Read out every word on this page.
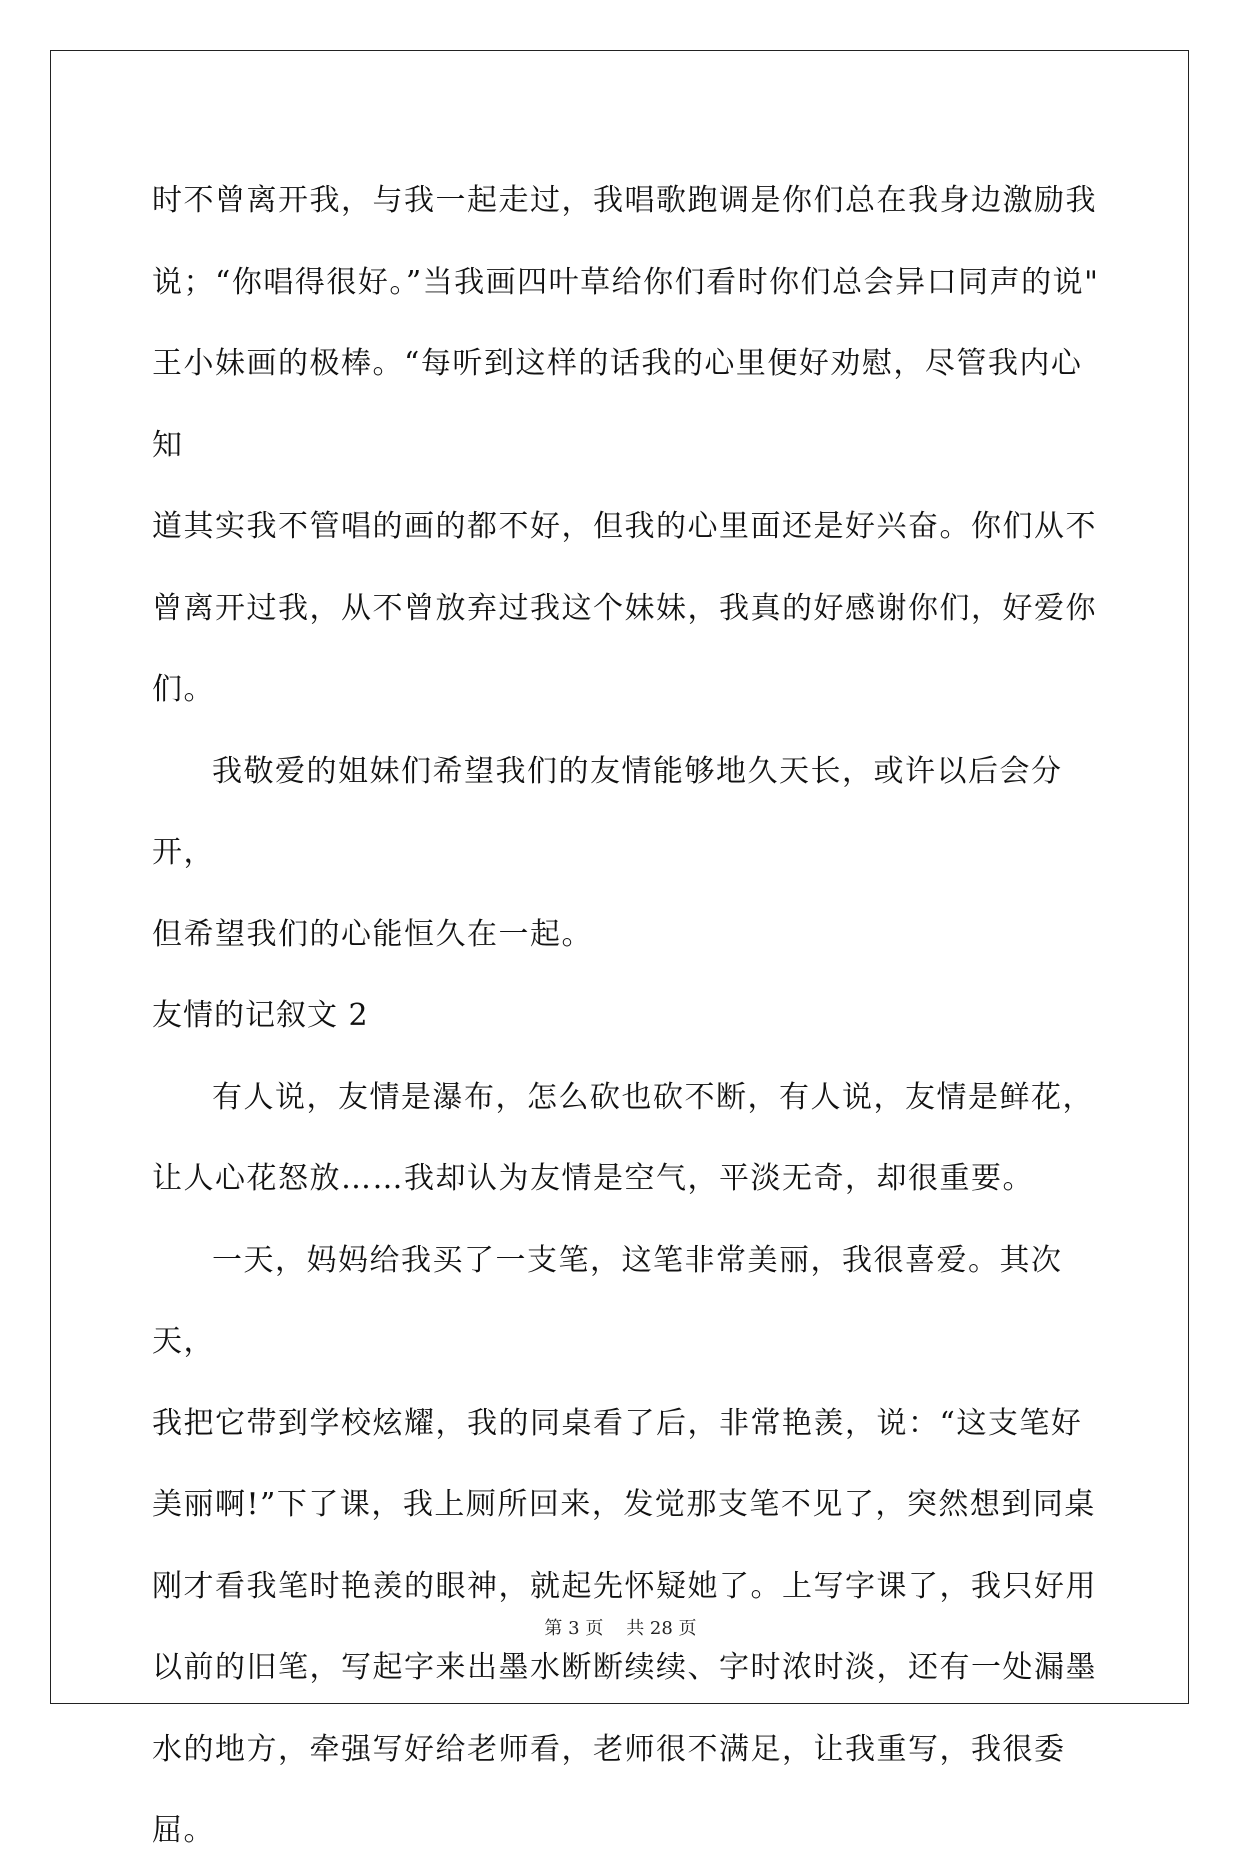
时不曾离开我，与我一起走过，我唱歌跑调是你们总在我身边激励我

说；“你唱得很好。”当我画四叶草给你们看时你们总会异口同声的说"

王小妹画的极棒。“每听到这样的话我的心里便好劝慰，尽管我内心知

道其实我不管唱的画的都不好，但我的心里面还是好兴奋。你们从不

曾离开过我，从不曾放弃过我这个妹妹，我真的好感谢你们，好爱你

们。

我敬爱的姐妹们希望我们的友情能够地久天长，或许以后会分开，

但希望我们的心能恒久在一起。

友情的记叙文 2

有人说，友情是瀑布，怎么砍也砍不断，有人说，友情是鲜花，

让人心花怒放……我却认为友情是空气，平淡无奇，却很重要。

一天，妈妈给我买了一支笔，这笔非常美丽，我很喜爱。其次天，

我把它带到学校炫耀，我的同桌看了后，非常艳羡，说：“这支笔好

美丽啊!”下了课，我上厕所回来，发觉那支笔不见了，突然想到同桌

刚才看我笔时艳羡的眼神，就起先怀疑她了。上写字课了，我只好用

以前的旧笔，写起字来出墨水断断续续、字时浓时淡，还有一处漏墨

水的地方，牵强写好给老师看，老师很不满足，让我重写，我很委屈。

第 3 页    共 28 页
